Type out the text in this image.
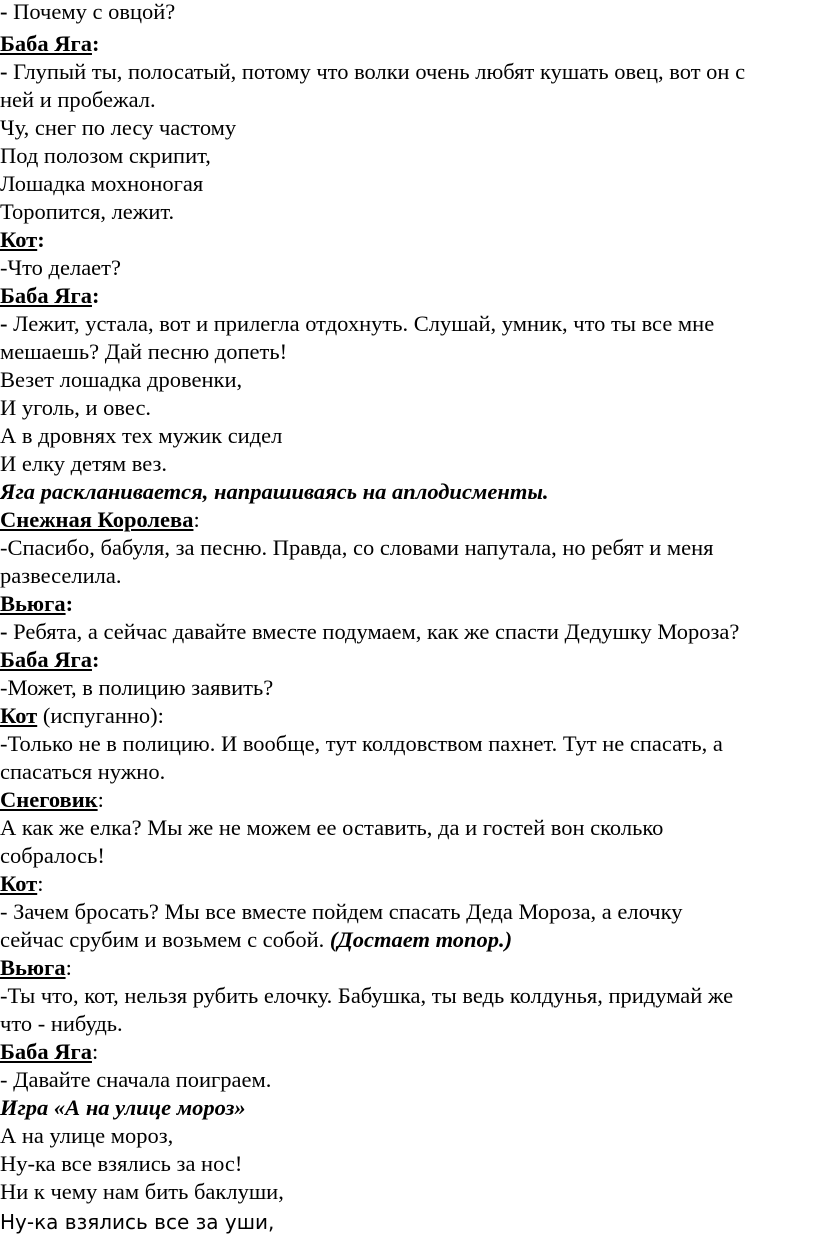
- Почему с овцой?
Баба Яга:
- Глупый ты, полосатый, потому что волки очень любят кушать овец, вот он с
ней и пробежал.
Чу, снег по лесу частому
Под полозом скрипит,
Лошадка мохноногая
Торопится, лежит.
Кот:
-Что делает?
Баба Яга:
- Лежит, устала, вот и прилегла отдохнуть. Слушай, умник, что ты все мне
мешаешь? Дай песню допеть!
Везет лошадка дровенки,
И уголь, и овес.
А в дровнях тех мужик сидел
И елку детям вез.
Яга раскланивается, напрашиваясь на аплодисменты.
Снежная Королева:
-Спасибо, бабуля, за песню. Правда, со словами напутала, но ребят и меня
развеселила.
Вьюга:
- Ребята, а сейчас давайте вместе подумаем, как же спасти Дедушку Мороза?
Баба Яга:
-Может, в полицию заявить?
Кот (испуганно):
-Только не в полицию. И вообще, тут колдовством пахнет. Тут не спасать, а
спасаться нужно.
Снеговик:
А как же елка? Мы же не можем ее оставить, да и гостей вон сколько
собралось!
Кот:
- Зачем бросать? Мы все вместе пойдем спасать Деда Мороза, а елочку
сейчас срубим и возьмем с собой. (Достает топор.)
Вьюга:
-Ты что, кот, нельзя рубить елочку. Бабушка, ты ведь колдунья, придумай же
что - нибудь.
Баба Яга:
- Давайте сначала поиграем.
Игра «А на улице мороз»
А на улице мороз,
Ну-ка все взялись за нос!
Ни к чему нам бить баклуши,
Ну-ка взялись все за уши,
